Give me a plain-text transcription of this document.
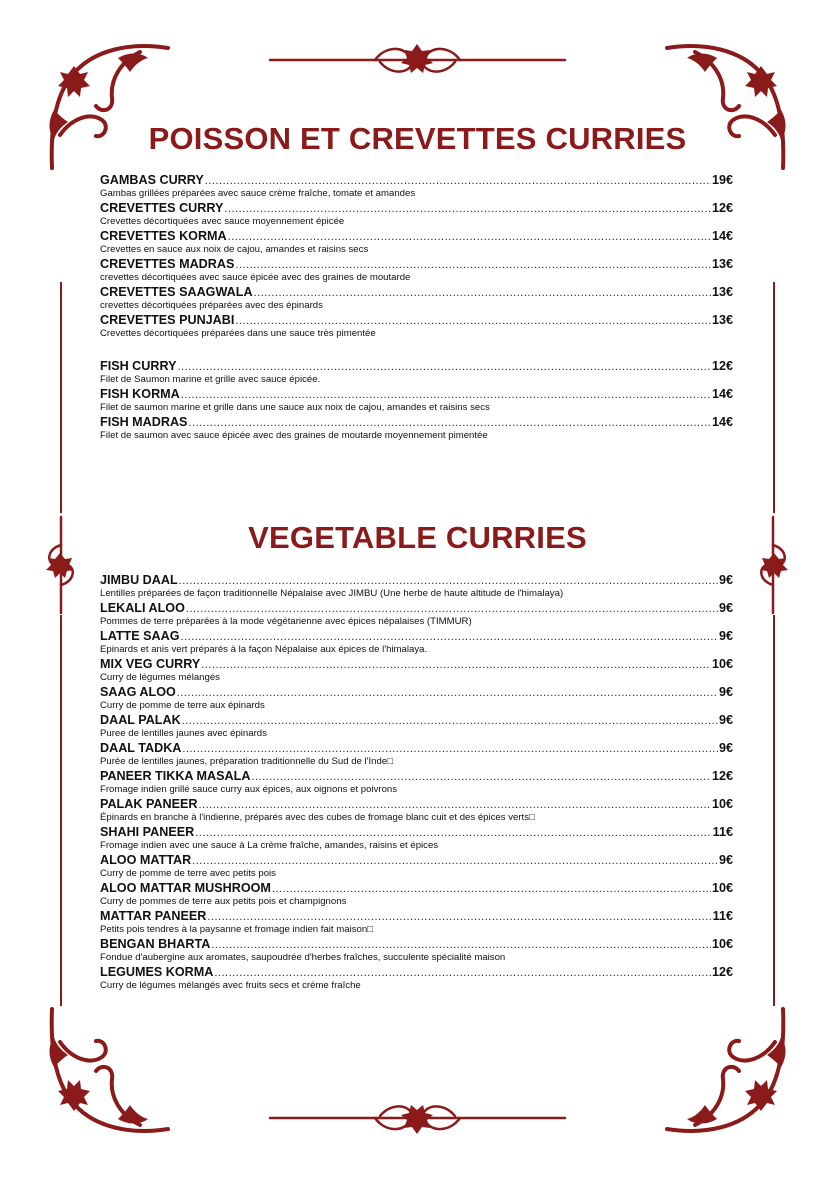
POISSON ET CREVETTES CURRIES
GAMBAS CURRY .....	19€
Gambas grillées préparées avec sauce crème fraîche, tomate et amandes
CREVETTES CURRY .....	12€
Crevettes décortiquées avec sauce moyennement épicée
CREVETTES KORMA .....	14€
Crevettes en sauce aux noix de cajou, amandes et raisins secs
CREVETTES MADRAS .....	13€
crevettes décortiquées avec sauce épicée avec des graines de moutarde
CREVETTES SAAGWALA .....	13€
crevettes décortiquées préparées avec des épinards
CREVETTES PUNJABI .....	13€
Crevettes décortiquées préparées dans une sauce très pimentée
FISH CURRY .....	12€
Filet de Saumon marine et grille avec sauce épicée.
FISH KORMA .....	14€
Filet de saumon marine et grille dans une sauce aux noix de cajou, amandes et raisins secs
FISH MADRAS .....	14€
Filet de saumon avec sauce épicée avec des graines de moutarde moyennement pimentée
VEGETABLE CURRIES
JIMBU DAAL .....	9€
Lentilles préparées de façon traditionnelle Népalaise avec JIMBU (Une herbe de haute altitude de l'himalaya)
LEKALI ALOO .....	9€
Pommes de terre préparées à la mode végétarienne avec épices népalaises (TIMMUR)
LATTE SAAG .....	9€
Epinards et anis vert préparés à la façon Népalaise aux épices de l'himalaya.
MIX VEG CURRY .....	10€
Curry de légumes mélangés
SAAG ALOO .....	9€
Curry de pomme de terre aux épinards
DAAL PALAK .....	9€
Puree de lentilles jaunes avec épinards
DAAL TADKA .....	9€
Purée de lentilles jaunes, préparation traditionnelle du Sud de l'Inde□
PANEER TIKKA MASALA .....	12€
Fromage indien grillé sauce curry aux épices, aux oignons et poivrons
PALAK PANEER .....	10€
Épinards en branche à l'indienne, préparés avec des cubes de fromage blanc cuit et des épices verts□
SHAHI PANEER .....	11€
Fromage indien avec une sauce à La crème fraîche, amandes, raisins et épices
ALOO MATTAR .....	9€
Curry de pomme de terre avec petits pois
ALOO MATTAR MUSHROOM .....	10€
Curry de pommes de terre aux petits pois et champignons
MATTAR PANEER .....	11€
Petits pois tendres à la paysanne et fromage indien fait maison□
BENGAN BHARTA .....	10€
Fondue d'aubergine aux aromates, saupoudrée d'herbes fraîches, succulente spécialité maison
LEGUMES KORMA .....	12€
Curry de légumes mélangés avec fruits secs et crème fraîche
